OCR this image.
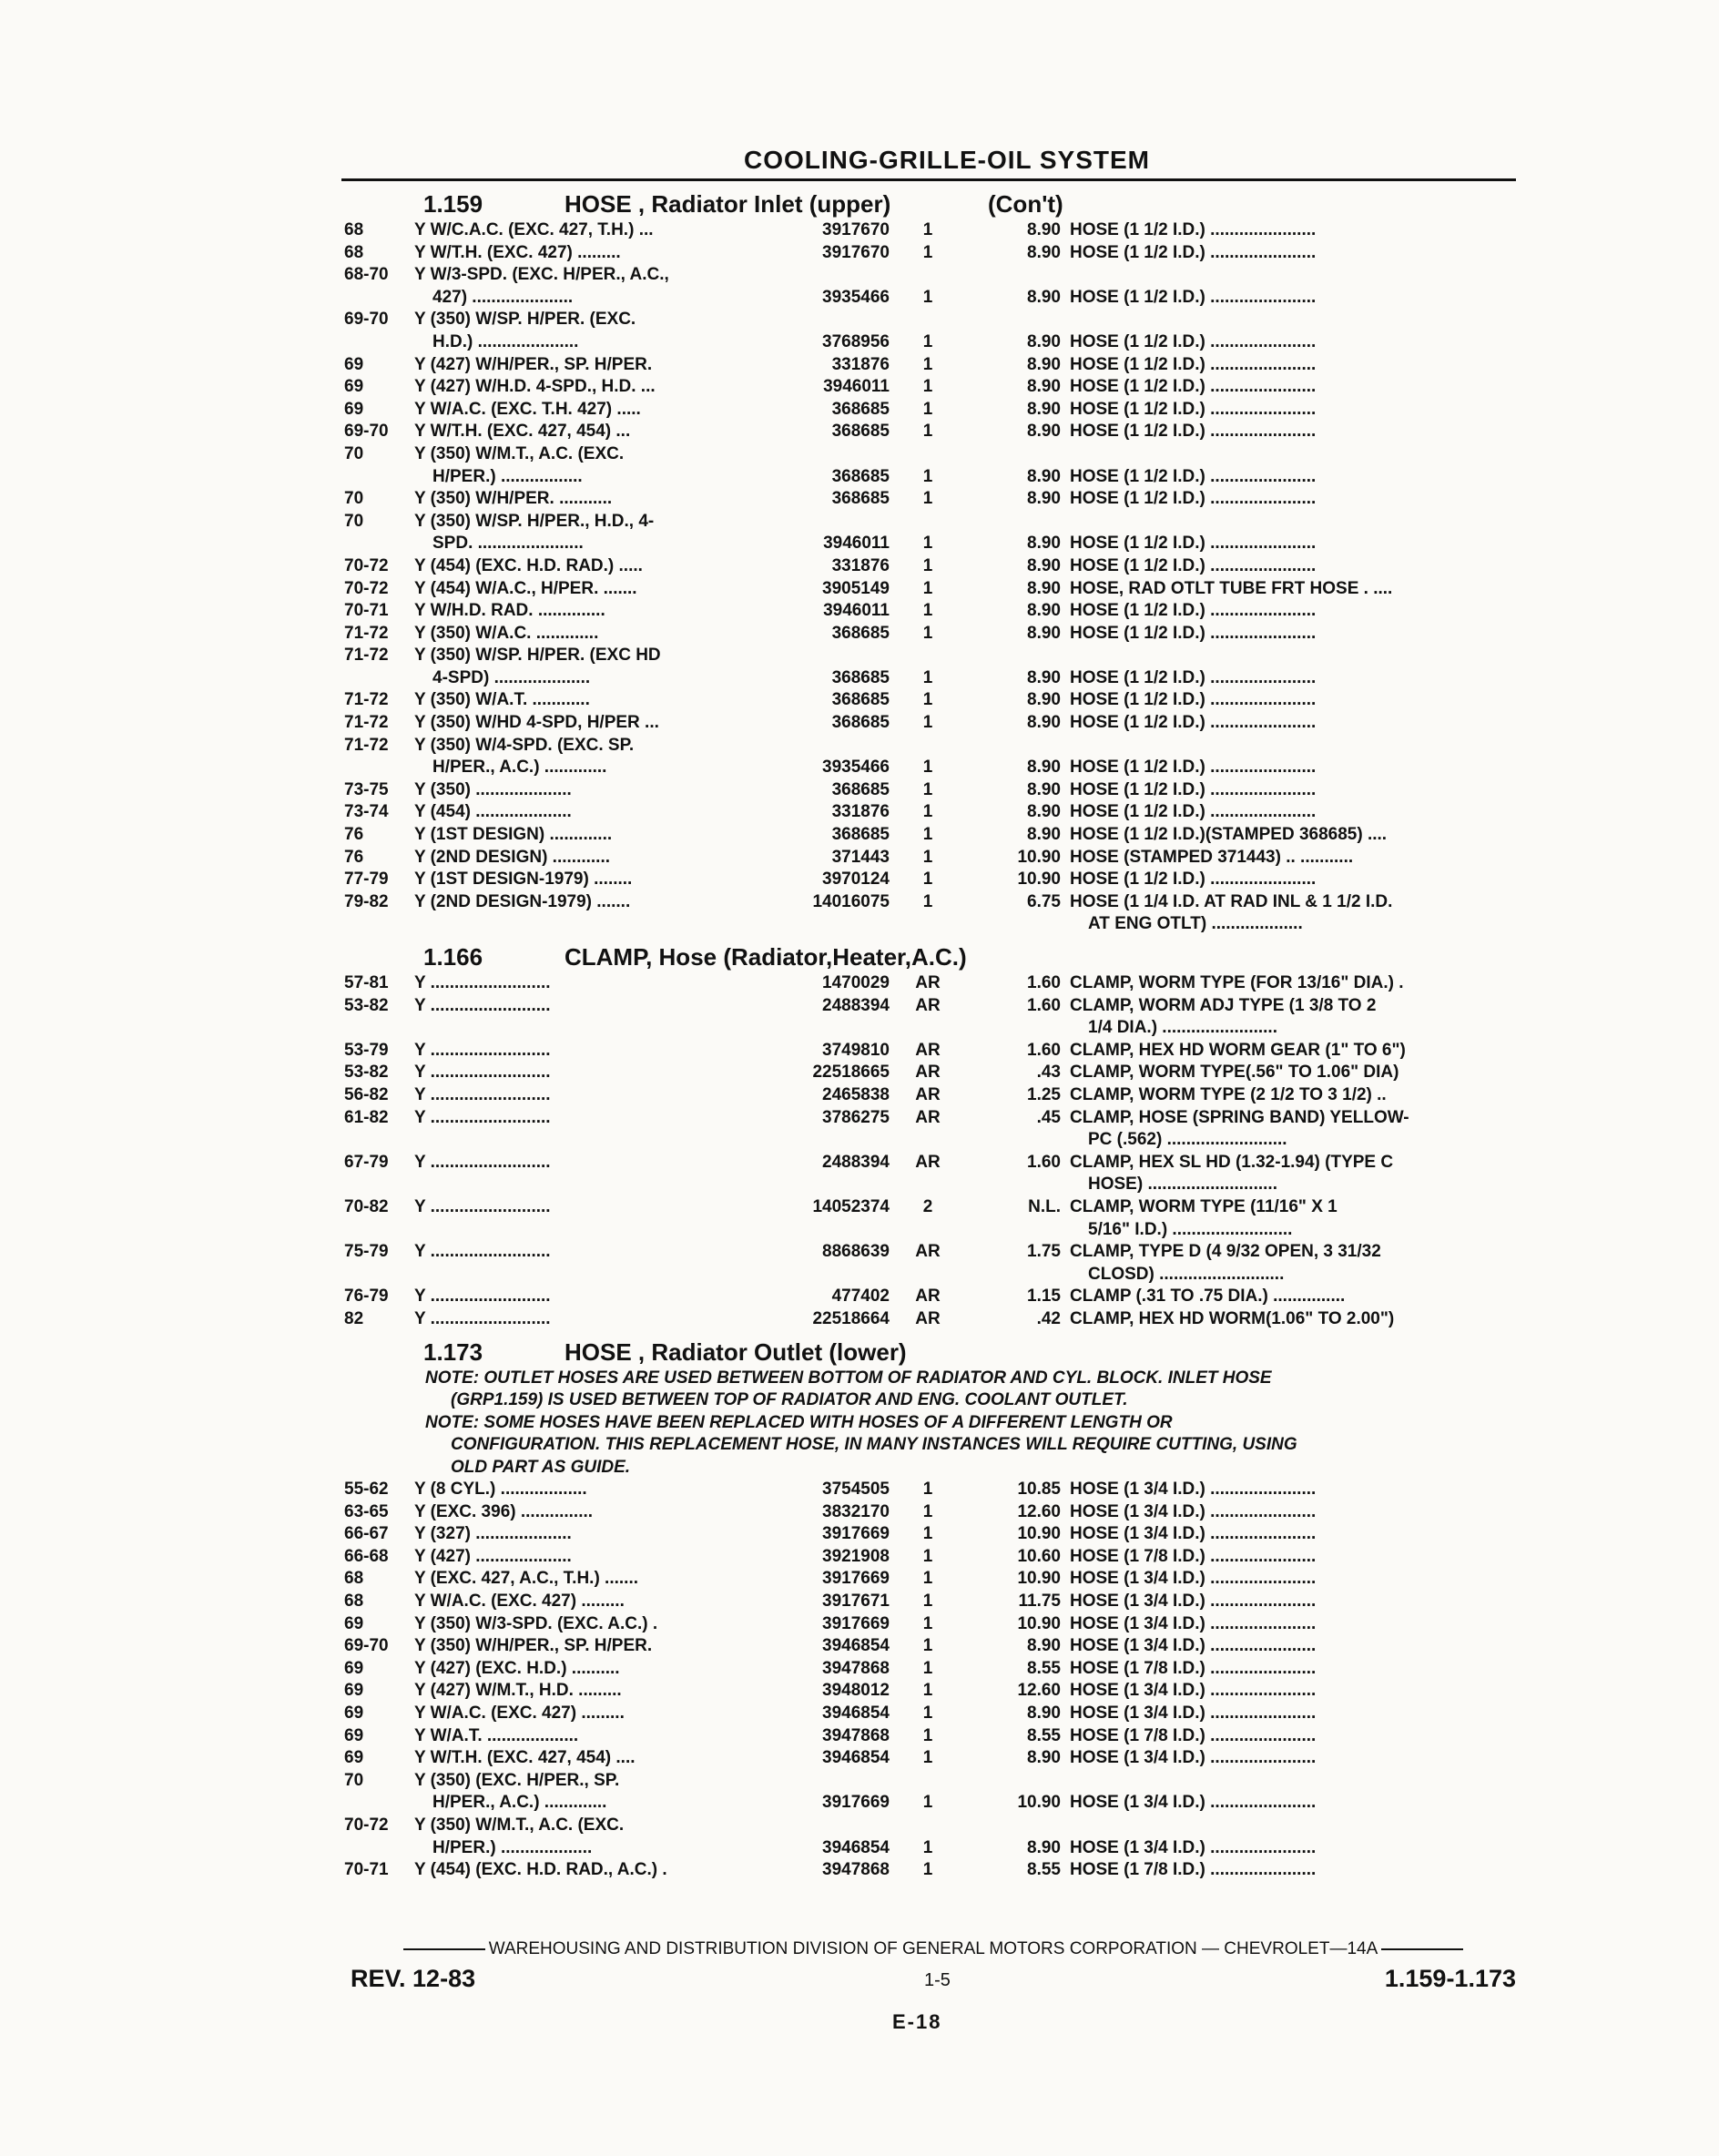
COOLING-GRILLE-OIL SYSTEM
1.159	HOSE , Radiator Inlet (upper)	(Con't)
68	Y W/C.A.C. (EXC. 427, T.H.) ...	3917670	1	8.90 HOSE (1 1/2 I.D.) ......................
68	Y W/T.H. (EXC. 427) .........	3917670	1	8.90 HOSE (1 1/2 I.D.) ......................
68-70 Y W/3-SPD. (EXC. H/PER., A.C.,
427) .....................	3935466	1	8.90 HOSE (1 1/2 I.D.) ......................
69-70 Y (350) W/SP. H/PER. (EXC.
H.D.) .....................	3768956	1	8.90 HOSE (1 1/2 I.D.) ......................
69	Y (427) W/H/PER., SP. H/PER.	331876	1	8.90 HOSE (1 1/2 I.D.) ......................
69	Y (427) W/H.D. 4-SPD., H.D. ...	3946011	1	8.90 HOSE (1 1/2 I.D.) ......................
69	Y W/A.C. (EXC. T.H. 427) .....	368685	1	8.90 HOSE (1 1/2 I.D.) ......................
69-70 Y W/T.H. (EXC. 427, 454) ...	368685	1	8.90 HOSE (1 1/2 I.D.) ......................
70	Y (350) W/M.T., A.C. (EXC.
H/PER.) .................	368685	1	8.90 HOSE (1 1/2 I.D.) ......................
70	Y (350) W/H/PER. ...........	368685	1	8.90 HOSE (1 1/2 I.D.) ......................
70	Y (350) W/SP. H/PER., H.D., 4-
SPD. ......................	3946011	1	8.90 HOSE (1 1/2 I.D.) ......................
70-72 Y (454) (EXC. H.D. RAD.) .....	331876	1	8.90 HOSE (1 1/2 I.D.) ......................
70-72 Y (454) W/A.C., H/PER. .......	3905149	1	8.90 HOSE, RAD OTLT TUBE FRT HOSE . ....
70-71 Y W/H.D. RAD. ..............	3946011	1	8.90 HOSE (1 1/2 I.D.) ......................
71-72 Y (350) W/A.C. .............	368685	1	8.90 HOSE (1 1/2 I.D.) ......................
71-72 Y (350) W/SP. H/PER. (EXC HD
4-SPD) ....................	368685	1	8.90 HOSE (1 1/2 I.D.) ......................
71-72 Y (350) W/A.T. ............	368685	1	8.90 HOSE (1 1/2 I.D.) ......................
71-72 Y (350) W/HD 4-SPD, H/PER ...	368685	1	8.90 HOSE (1 1/2 I.D.) ......................
71-72 Y (350) W/4-SPD. (EXC. SP.
H/PER., A.C.) .............	3935466	1	8.90 HOSE (1 1/2 I.D.) ......................
73-75 Y (350) ....................	368685	1	8.90 HOSE (1 1/2 I.D.) ......................
73-74 Y (454) ....................	331876	1	8.90 HOSE (1 1/2 I.D.) ......................
76	Y (1ST DESIGN) .............	368685	1	8.90 HOSE (1 1/2 I.D.)(STAMPED 368685) ....
76	Y (2ND DESIGN) ............	371443	1	10.90 HOSE (STAMPED 371443) .. ...........
77-79 Y (1ST DESIGN-1979) ........	3970124	1	10.90 HOSE (1 1/2 I.D.) ......................
79-82 Y (2ND DESIGN-1979) .......	14016075	1	6.75 HOSE (1 1/4 I.D. AT RAD INL & 1 1/2 I.D.
AT ENG OTLT) ...................
1.166	CLAMP, Hose (Radiator,Heater,A.C.)
57-81 Y .........................	1470029	AR	1.60 CLAMP, WORM TYPE (FOR 13/16" DIA.) .
53-82 Y .........................	2488394	AR	1.60 CLAMP, WORM ADJ TYPE (1 3/8 TO 2
1/4 DIA.) ........................
53-79 Y .........................	3749810	AR	1.60 CLAMP, HEX HD WORM GEAR (1" TO 6")
53-82 Y .........................	22518665	AR	.43 CLAMP, WORM TYPE(.56" TO 1.06" DIA)
56-82 Y .........................	2465838	AR	1.25 CLAMP, WORM TYPE (2 1/2 TO 3 1/2) ..
61-82 Y .........................	3786275	AR	.45 CLAMP, HOSE (SPRING BAND) YELLOW-
PC (.562) .........................
67-79 Y .........................	2488394	AR	1.60 CLAMP, HEX SL HD (1.32-1.94) (TYPE C
HOSE) ...........................
70-82 Y .........................	14052374	2	N.L. CLAMP, WORM TYPE (11/16" X 1
5/16" I.D.) .........................
75-79 Y .........................	8868639	AR	1.75 CLAMP, TYPE D (4 9/32 OPEN, 3 31/32
CLOSD) ..........................
76-79 Y .........................	477402	AR	1.15 CLAMP (.31 TO .75 DIA.) ...............
82	Y .........................	22518664	AR	.42 CLAMP, HEX HD WORM(1.06" TO 2.00")
1.173	HOSE , Radiator Outlet (lower)
NOTE: OUTLET HOSES ARE USED BETWEEN BOTTOM OF RADIATOR AND CYL. BLOCK. INLET HOSE
(GRP1.159) IS USED BETWEEN TOP OF RADIATOR AND ENG. COOLANT OUTLET.
NOTE: SOME HOSES HAVE BEEN REPLACED WITH HOSES OF A DIFFERENT LENGTH OR
CONFIGURATION. THIS REPLACEMENT HOSE, IN MANY INSTANCES WILL REQUIRE CUTTING, USING
OLD PART AS GUIDE.
55-62 Y (8 CYL.) ..................	3754505	1	10.85 HOSE (1 3/4 I.D.) ......................
63-65 Y (EXC. 396) ...............	3832170	1	12.60 HOSE (1 3/4 I.D.) ......................
66-67 Y (327) ....................	3917669	1	10.90 HOSE (1 3/4 I.D.) ......................
66-68 Y (427) ....................	3921908	1	10.60 HOSE (1 7/8 I.D.) ......................
68	Y (EXC. 427, A.C., T.H.) .......	3917669	1	10.90 HOSE (1 3/4 I.D.) ......................
68	Y W/A.C. (EXC. 427) .........	3917671	1	11.75 HOSE (1 3/4 I.D.) ......................
69	Y (350) W/3-SPD. (EXC. A.C.) .	3917669	1	10.90 HOSE (1 3/4 I.D.) ......................
69-70 Y (350) W/H/PER., SP. H/PER.	3946854	1	8.90 HOSE (1 3/4 I.D.) ......................
69	Y (427) (EXC. H.D.) ..........	3947868	1	8.55 HOSE (1 7/8 I.D.) ......................
69	Y (427) W/M.T., H.D. .........	3948012	1	12.60 HOSE (1 3/4 I.D.) ......................
69	Y W/A.C. (EXC. 427) .........	3946854	1	8.90 HOSE (1 3/4 I.D.) ......................
69	Y W/A.T. ...................	3947868	1	8.55 HOSE (1 7/8 I.D.) ......................
69	Y W/T.H. (EXC. 427, 454) ....	3946854	1	8.90 HOSE (1 3/4 I.D.) ......................
70	Y (350) (EXC. H/PER., SP.
H/PER., A.C.) .............	3917669	1	10.90 HOSE (1 3/4 I.D.) ......................
70-72 Y (350) W/M.T., A.C. (EXC.
H/PER.) ...................	3946854	1	8.90 HOSE (1 3/4 I.D.) ......................
70-71 Y (454) (EXC. H.D. RAD., A.C.) .	3947868	1	8.55 HOSE (1 7/8 I.D.) ......................
WAREHOUSING AND DISTRIBUTION DIVISION OF GENERAL MOTORS CORPORATION — CHEVROLET—14A
REV. 12-83	1-5	1.159-1.173
E-18
